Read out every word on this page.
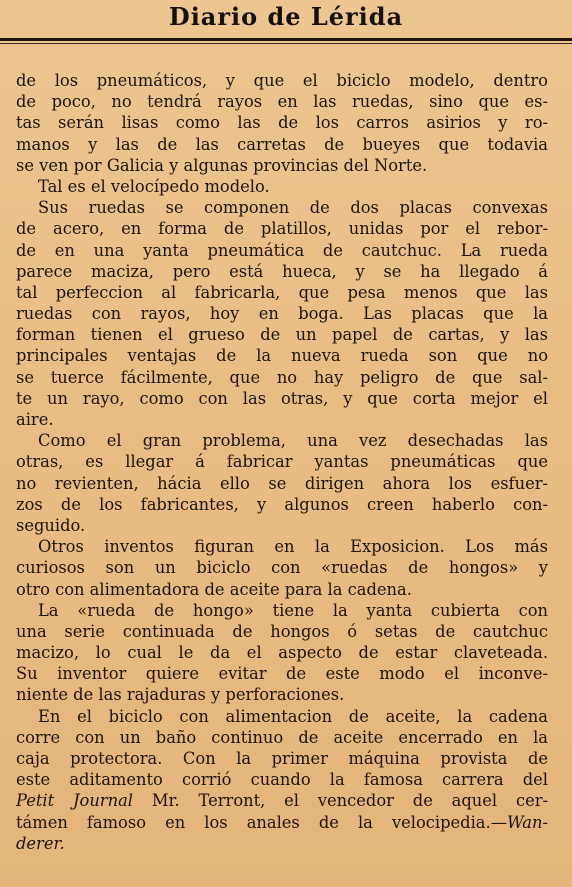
Diario de Lérida
de los pneumáticos, y que el biciclo modelo, dentro
de poco, no tendrá rayos en las ruedas, sino que es-
tas serán lisas como las de los carros asirios y ro-
manos y las de las carretas de bueyes que todavia
se ven por Galicia y algunas provincias del Norte.
Tal es el velocípedo modelo.
Sus ruedas se componen de dos placas convexas
de acero, en forma de platillos, unidas por el rebor-
de en una yanta pneumática de cautchuc. La rueda
parece maciza, pero está hueca, y se ha llegado á
tal perfeccion al fabricarla, que pesa menos que las
ruedas con rayos, hoy en boga. Las placas que la
forman tienen el grueso de un papel de cartas, y las
principales ventajas de la nueva rueda son que no
se tuerce fácilmente, que no hay peligro de que sal-
te un rayo, como con las otras, y que corta mejor el
aire.
Como el gran problema, una vez desechadas las
otras, es llegar á fabricar yantas pneumáticas que
no revienten, hácia ello se dirigen ahora los esfuer-
zos de los fabricantes, y algunos creen haberlo con-
seguido.
Otros inventos figuran en la Exposicion. Los más
curiosos son un biciclo con «ruedas de hongos» y
otro con alimentadora de aceite para la cadena.
La «rueda de hongo» tiene la yanta cubierta con
una serie continuada de hongos ó setas de cautchuc
macizo, lo cual le da el aspecto de estar claveteada.
Su inventor quiere evitar de este modo el inconve-
niente de las rajaduras y perforaciones.
En el biciclo con alimentacion de aceite, la cadena
corre con un baño continuo de aceite encerrado en la
caja protectora. Con la primer máquina provista de
este aditamento corrió cuando la famosa carrera del
Petit Journal Mr. Terront, el vencedor de aquel cer-
támen famoso en los anales de la velocipedia.—Wan-
derer.
